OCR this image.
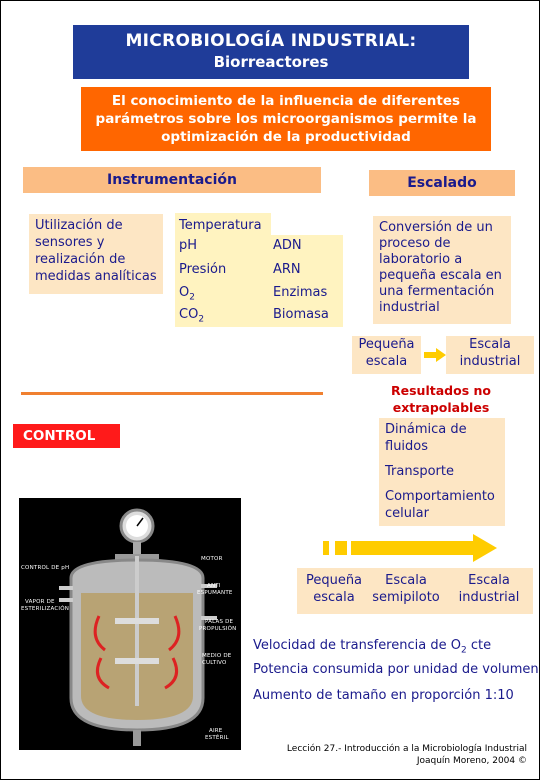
MICROBIOLOGÍA INDUSTRIAL:
Biorreactores
El conocimiento de la influencia de diferentes
parámetros sobre los microorganismos permite la
optimización de la productividad
Instrumentación	Escalado
Utilización de
sensores y
realización de
medidas analíticas
Temperatura
pH
Presión
$O_2$
$CO_2$
ADN
ARN
Enzimas
Biomasa
Conversión de un
proceso de
laboratorio a
pequeña escala en
una fermentación
industrial
Pequeña
escala
Escala
industrial
Resultados no
extrapolables
CONTROL	Dinámica de
fluidos
Transporte
Comportamiento
celular
Pequeña
escala
Escala
semipiloto
Escala
industrial
Velocidad de transferencia de $O_2$ cte
Potencia consumida por unidad de volumen
Aumento de tamaño en proporción 1:10
CONTROL DE pH
VAPOR DE
ESTERILIZACIÓN
MOTOR
ANTI
ESPUMANTE
PALAS DE
PROPULSIÓN
MEDIO DE
CULTIVO
AIRE
ESTÉRIL
Lección 27.- Introducción a la Microbiología Industrial
Joaquín Moreno, 2004 ©
